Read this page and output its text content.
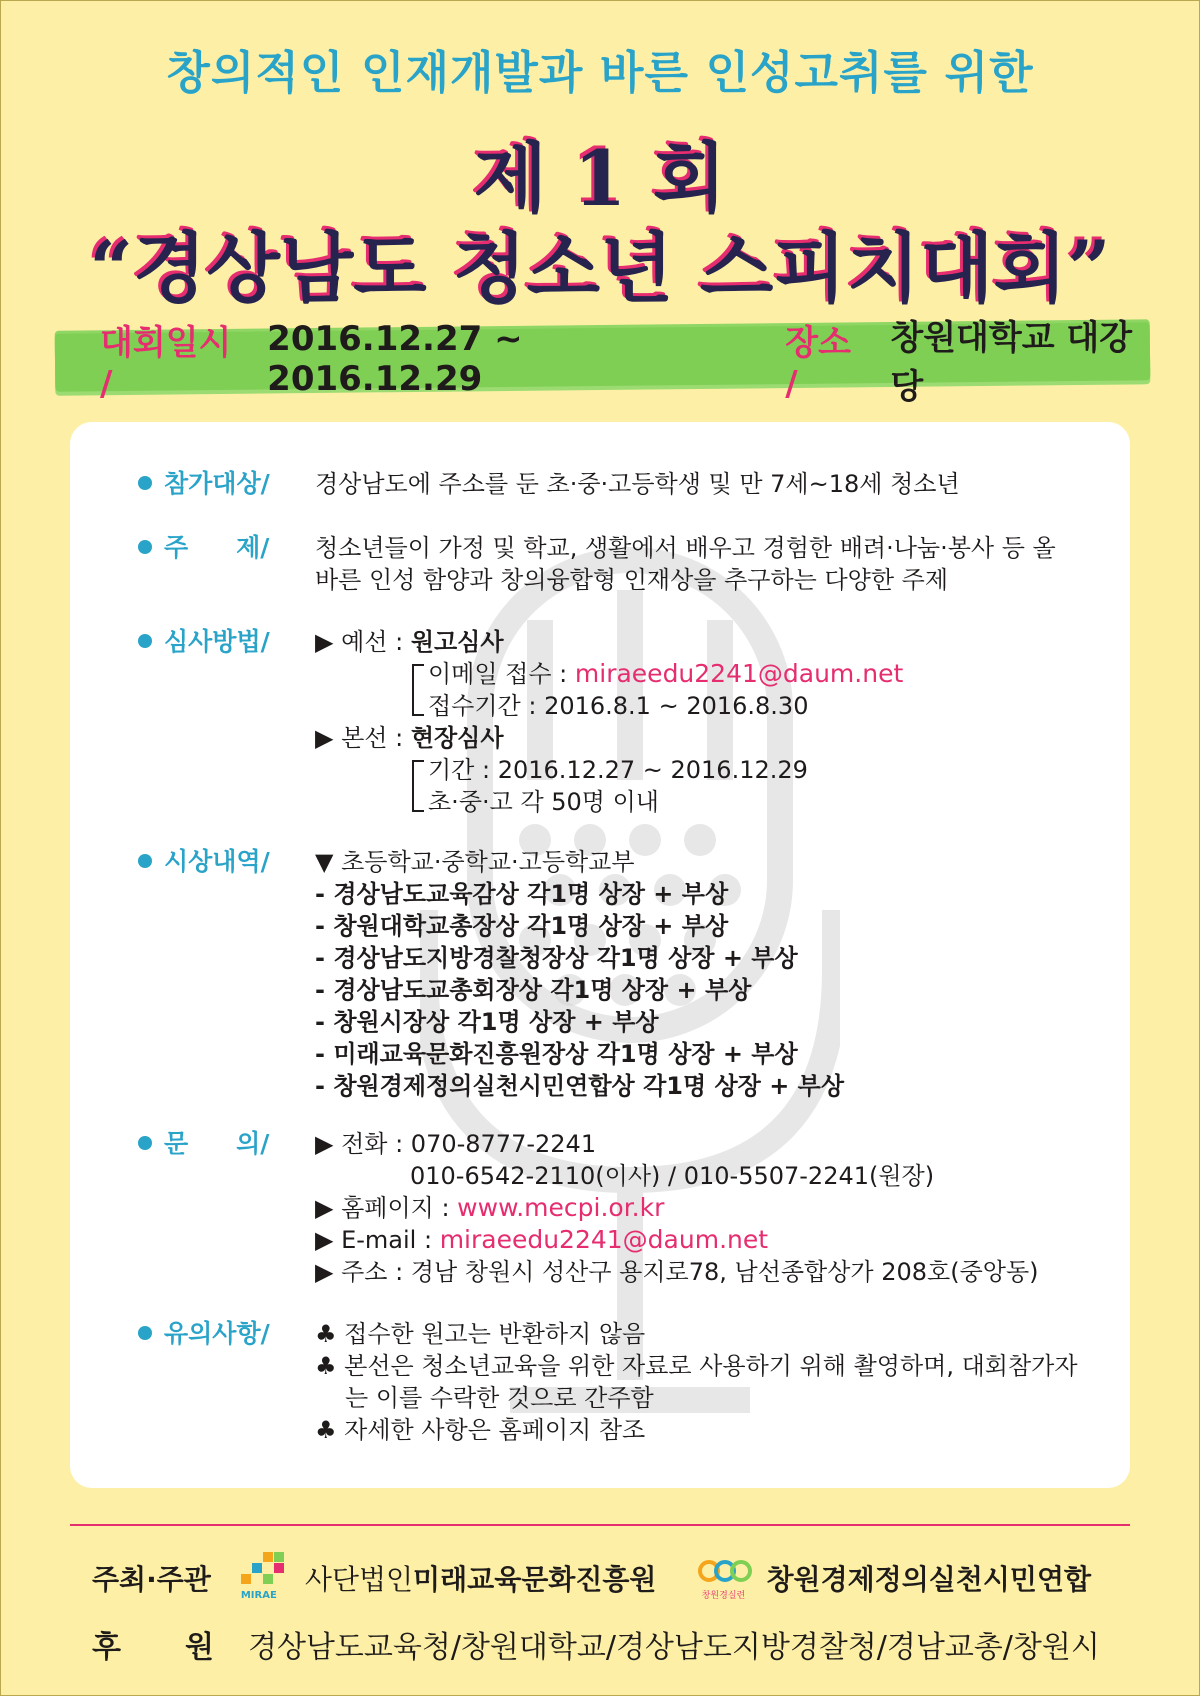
창의적인 인재개발과 바른 인성고취를 위한
제 1 회
“경상남도 청소년 스피치대회”
대회일시 /
2016.12.27 ~ 2016.12.29
장소 /
창원대학교 대강당
참가대상/ 경상남도에 주소를 둔 초·중·고등학생 및 만 7세~18세 청소년
주 제/ 청소년들이 가정 및 학교, 생활에서 배우고 경험한 배려·나눔·봉사 등 올
바른 인성 함양과 창의융합형 인재상을 추구하는 다양한 주제
심사방법/ ▶ 예선 : 원고심사
이메일 접수 : miraeedu2241@daum.net
접수기간 : 2016.8.1 ~ 2016.8.30
▶ 본선 : 현장심사
기간 : 2016.12.27 ~ 2016.12.29
초·중·고 각 50명 이내
시상내역/ ▼ 초등학교·중학교·고등학교부
- 경상남도교육감상 각1명 상장 + 부상
- 창원대학교총장상 각1명 상장 + 부상
- 경상남도지방경찰청장상 각1명 상장 + 부상
- 경상남도교총회장상 각1명 상장 + 부상
- 창원시장상 각1명 상장 + 부상
- 미래교육문화진흥원장상 각1명 상장 + 부상
- 창원경제정의실천시민연합상 각1명 상장 + 부상
문 의/ ▶ 전화 : 070-8777-2241
010-6542-2110(이사) / 010-5507-2241(원장)
▶ 홈페이지 : www.mecpi.or.kr
▶ E-mail : miraeedu2241@daum.net
▶ 주소 : 경남 창원시 성산구 용지로78, 남선종합상가 208호(중앙동)
유의사항/ ♣ 접수한 원고는 반환하지 않음
♣ 본선은 청소년교육을 위한 자료로 사용하기 위해 촬영하며, 대회참가자
는 이를 수락한 것으로 간주함
♣ 자세한 사항은 홈페이지 참조
주최·주관	MIRAE 사단법인 미래교육문화진흥원	창원경실련 창원경제정의실천시민연합
후 원 경상남도교육청/창원대학교/경상남도지방경찰청/경남교총/창원시
